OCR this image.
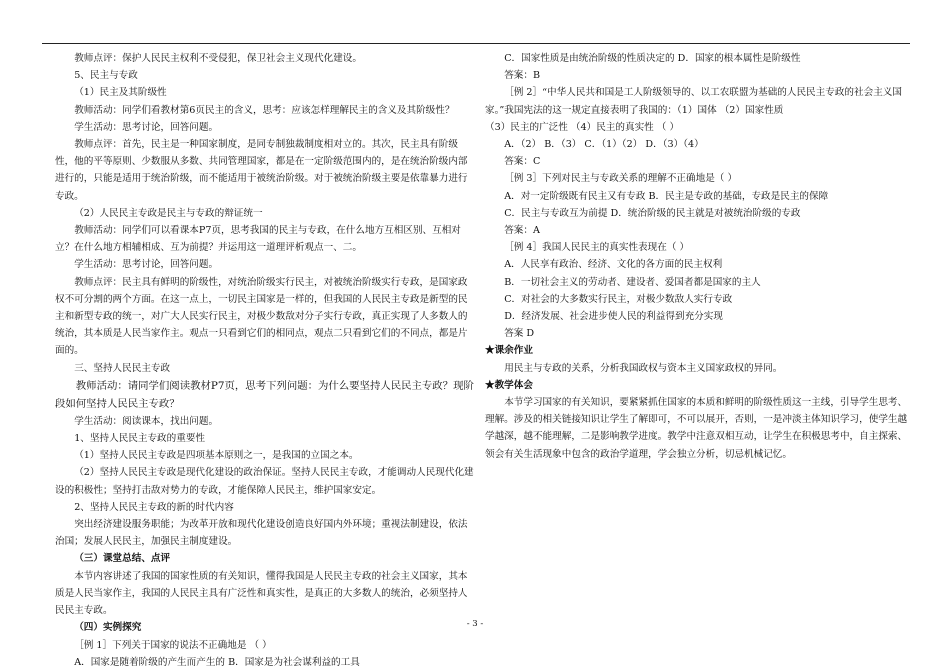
教师点评：保护人民民主权利不受侵犯，保卫社会主义现代化建设。

5、民主与专政

（1）民主及其阶级性

教师活动：同学们看教材第6页民主的含义，思考：应该怎样理解民主的含义及其阶级性？

学生活动：思考讨论，回答问题。

教师点评：首先，民主是一种国家制度，是同专制独裁制度相对立的。其次，民主具有阶级性，他的平等原则、少数服从多数、共同管理国家，都是在一定阶级范围内的，是在统治阶级内部进行的，只能是适用于统治阶级，而不能适用于被统治阶级。对于被统治阶级主要是依靠暴力进行专政。

（2）人民民主专政是民主与专政的辩证统一

教师活动：同学们可以看课本P7页，思考我国的民主与专政，在什么地方互相区别、互相对立？在什么地方相辅相成、互为前提？并运用这一道理评析观点一、二。

学生活动：思考讨论，回答问题。

教师点评：民主具有鲜明的阶级性，对统治阶级实行民主，对被统治阶级实行专政，是国家政权不可分割的两个方面。在这一点上，一切民主国家是一样的，但我国的人民民主专政是新型的民主和新型专政的统一，对广大人民实行民主，对极少数敌对分子实行专政，真正实现了人多数人的统治，其本质是人民当家作主。观点一只看到它们的相同点，观点二只看到它们的不同点，都是片面的。

三、坚持人民民主专政

教师活动：请同学们阅读教材P7页，思考下列问题：为什么要坚持人民民主专政？现阶段如何坚持人民民主专政？

学生活动：阅读课本，找出问题。

1、坚持人民民主专政的重要性

（1）坚持人民民主专政是四项基本原则之一，是我国的立国之本。

（2）坚持人民民主专政是现代化建设的政治保证。坚持人民民主专政，才能调动人民现代化建设的积极性；坚持打击敌对势力的专政，才能保障人民民主，维护国家安定。

2、坚持人民民主专政的新的时代内容

突出经济建设服务职能；为改革开放和现代化建设创造良好国内外环境；重视法制建设，依法治国；发展人民民主，加强民主制度建设。

（三）课堂总结、点评

本节内容讲述了我国的国家性质的有关知识，懂得我国是人民民主专政的社会主义国家，其本质是人民当家作主，我国的人民民主具有广泛性和真实性，是真正的大多数人的统治，必须坚持人民民主专政。

（四）实例探究

［例 1］下列关于国家的说法不正确地是 （ ）

A．国家是随着阶级的产生而产生的 B．国家是为社会谋利益的工具

C．国家性质是由统治阶级的性质决定的 D．国家的根本属性是阶级性

答案：B

［例 2］“中华人民共和国是工人阶级领导的、以工农联盟为基础的人民民主专政的社会主义国家。”我国宪法的这一规定直接表明了我国的：（1）国体 （2）国家性质

（3）民主的广泛性 （4）民主的真实性 （ ）

A．（2） B．（3） C．（1）（2） D．（3）（4）

答案：C

［例 3］下列对民主与专政关系的理解不正确地是（ ）

A．对一定阶级既有民主又有专政 B．民主是专政的基础，专政是民主的保障

C．民主与专政互为前提 D．统治阶级的民主就是对被统治阶级的专政

答案：A

［例 4］我国人民民主的真实性表现在（ ）

A．人民享有政治、经济、文化的各方面的民主权利

B．一切社会主义的劳动者、建设者、爱国者都是国家的主人

C．对社会的大多数实行民主，对极少数敌人实行专政

D．经济发展、社会进步使人民的利益得到充分实现

答案 D

★课余作业

用民主与专政的关系，分析我国政权与资本主义国家政权的异同。

★教学体会

本节学习国家的有关知识，要紧紧抓住国家的本质和鲜明的阶级性质这一主线，引导学生思考、理解。涉及的相关链接知识让学生了解即可，不可以展开，否则，一是冲淡主体知识学习，使学生越学越深，越不能理解，二是影响教学进度。教学中注意双相互动，让学生在积极思考中，自主探索、领会有关生活现象中包含的政治学道理，学会独立分析，切忌机械记忆。

- 3 -
